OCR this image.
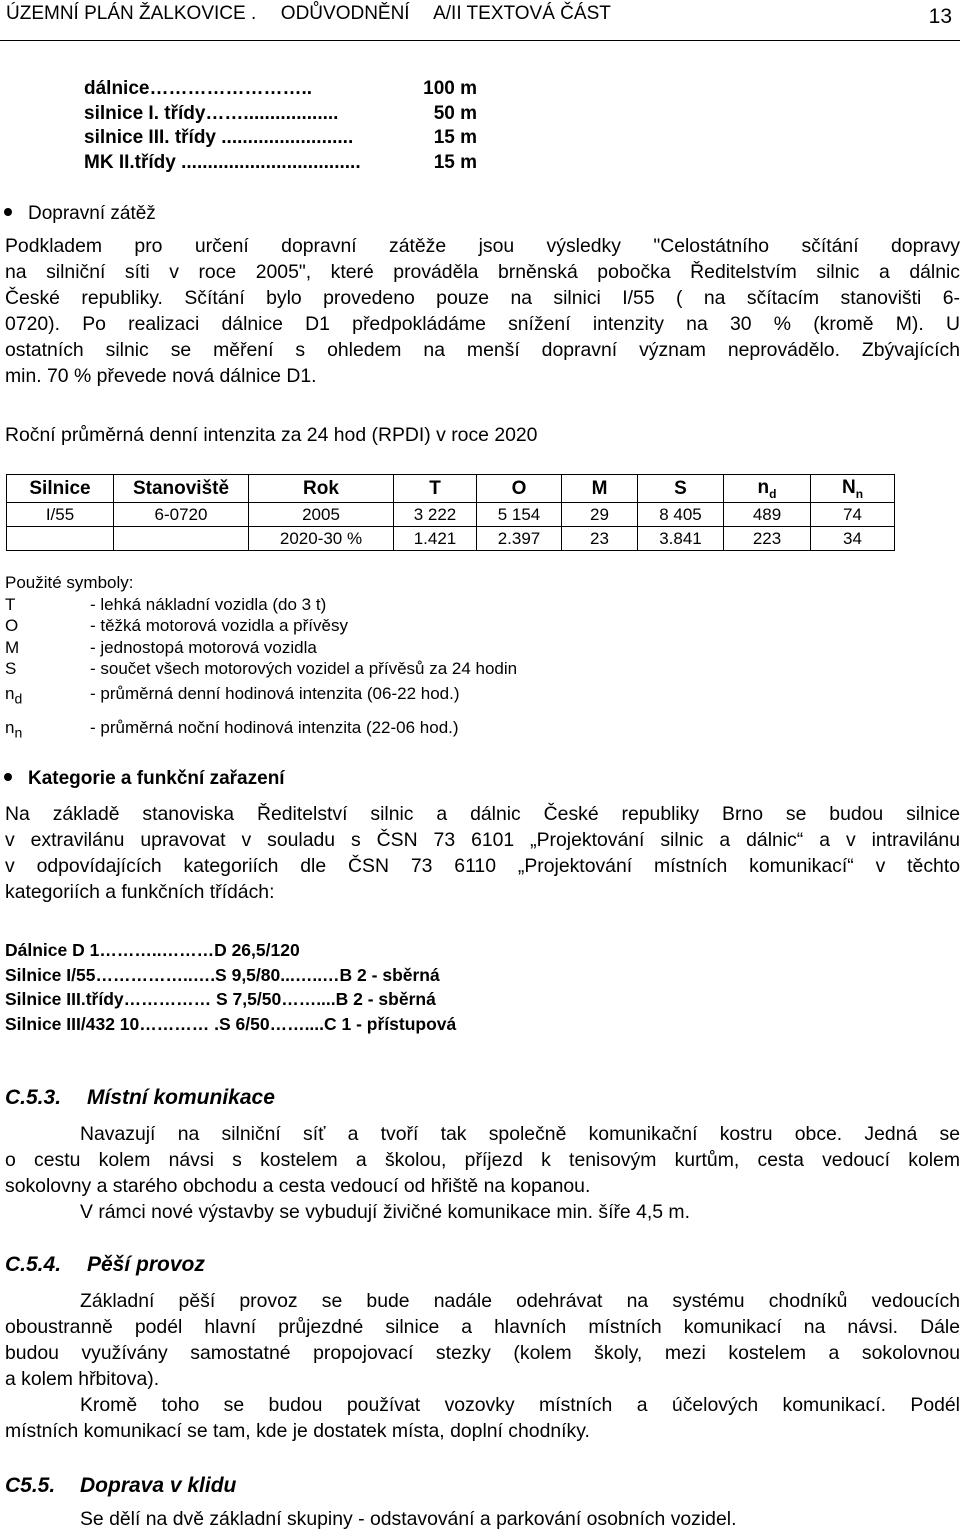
ÚZEMNÍ PLÁN ŽALKOVICE . ODŮVODNĚNÍ A/II TEXTOVÁ ČÁST	13
dálnice……………………..	100 m
silnice I. třídy……..................	50 m
silnice III. třídy .........................	15 m
MK II.třídy ..................................	15 m
Dopravní zátěž
Podkladem pro určení dopravní zátěže jsou výsledky "Celostátního sčítání dopravy
na silniční síti v roce 2005", které prováděla brněnská pobočka Ředitelstvím silnic a dálnic
České republiky. Sčítání bylo provedeno pouze na silnici I/55 ( na sčítacím stanovišti 6-
0720). Po realizaci dálnice D1 předpokládáme snížení intenzity na 30 % (kromě M). U
ostatních silnic se měření s ohledem na menší dopravní význam neprovádělo. Zbývajících
min. 70 % převede nová dálnice D1.
Roční průměrná denní intenzita za 24 hod (RPDI) v roce 2020
Silnice	Stanoviště	Rok	T	O	M	S	$n_d$	$N_n$
I/55	6-0720	2005	3 222	5 154	29	8 405	489	74
		2020-30 %	1.421	2.397	23	3.841	223	34
Použité symboly:
T	- lehká nákladní vozidla (do 3 t)
O	- těžká motorová vozidla a přívěsy
M	- jednostopá motorová vozidla
S	- součet všech motorových vozidel a přívěsů za 24 hodin
$n_d$	- průměrná denní hodinová intenzita (06-22 hod.)
$n_n$	- průměrná noční hodinová intenzita (22-06 hod.)
Kategorie a funkční zařazení
Na základě stanoviska Ředitelství silnic a dálnic České republiky Brno se budou silnice
v extravilánu upravovat v souladu s ČSN 73 6101 „Projektování silnic a dálnic“ a v intravilánu
v odpovídajících kategoriích dle ČSN 73 6110 „Projektování místních komunikací“ v těchto
kategoriích a funkčních třídách:
Dálnice D 1………..………D 26,5/120
Silnice I/55……………..….S 9,5/80...…..…B 2 - sběrná
Silnice III.třídy…………… S 7,5/50……....B 2 - sběrná
Silnice III/432 10………… .S 6/50……....C 1 - přístupová
C.5.3. Místní komunikace
Navazují na silniční síť a tvoří tak společně komunikační kostru obce. Jedná se
o cestu kolem návsi s kostelem a školou, příjezd k tenisovým kurtům, cesta vedoucí kolem
sokolovny a starého obchodu a cesta vedoucí od hřiště na kopanou.
V rámci nové výstavby se vybudují živičné komunikace min. šíře 4,5 m.
C.5.4. Pěší provoz
Základní pěší provoz se bude nadále odehrávat na systému chodníků vedoucích
oboustranně podél hlavní průjezdné silnice a hlavních místních komunikací na návsi. Dále
budou využívány samostatné propojovací stezky (kolem školy, mezi kostelem a sokolovnou
a kolem hřbitova).
Kromě toho se budou používat vozovky místních a účelových komunikací. Podél
místních komunikací se tam, kde je dostatek místa, doplní chodníky.
C5.5. Doprava v klidu
Se dělí na dvě základní skupiny - odstavování a parkování osobních vozidel.
